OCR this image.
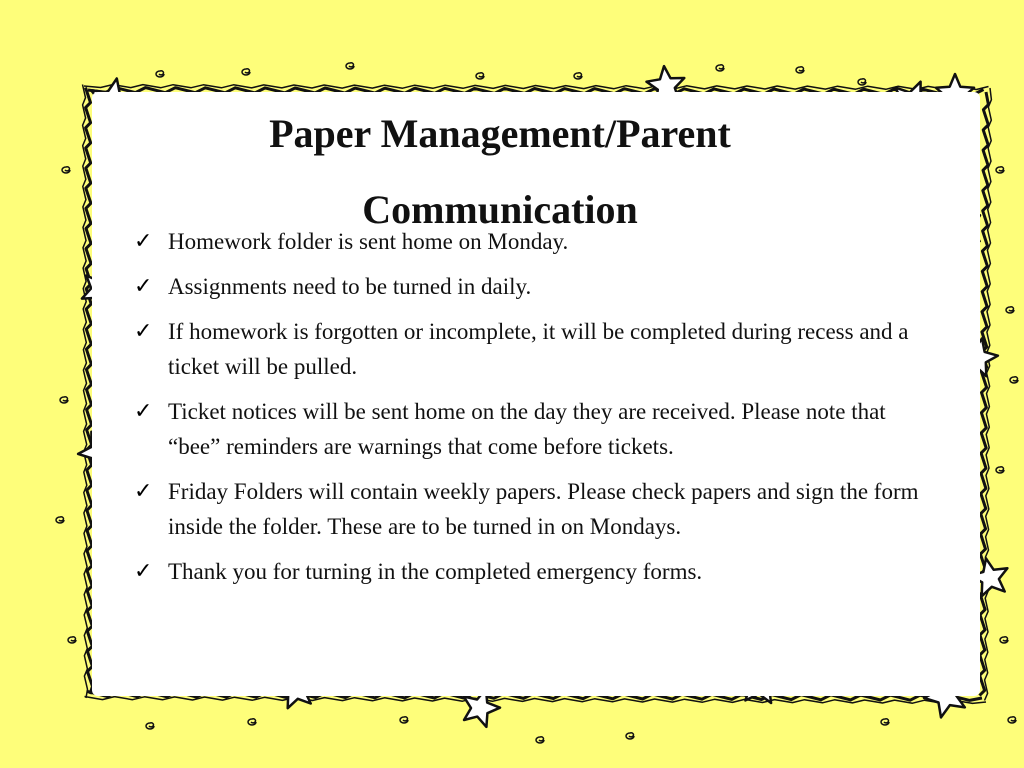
Paper Management/Parent
Communication
✓ Homework folder is sent home on Monday.
✓ Assignments need to be turned in daily.
✓ If homework is forgotten or incomplete, it will be completed during recess and a ticket will be pulled.
✓ Ticket notices will be sent home on the day they are received. Please note that “bee” reminders are warnings that come before tickets.
✓ Friday Folders will contain weekly papers. Please check papers and sign the form inside the folder. These are to be turned in on Mondays.
✓ Thank you for turning in the completed emergency forms.
